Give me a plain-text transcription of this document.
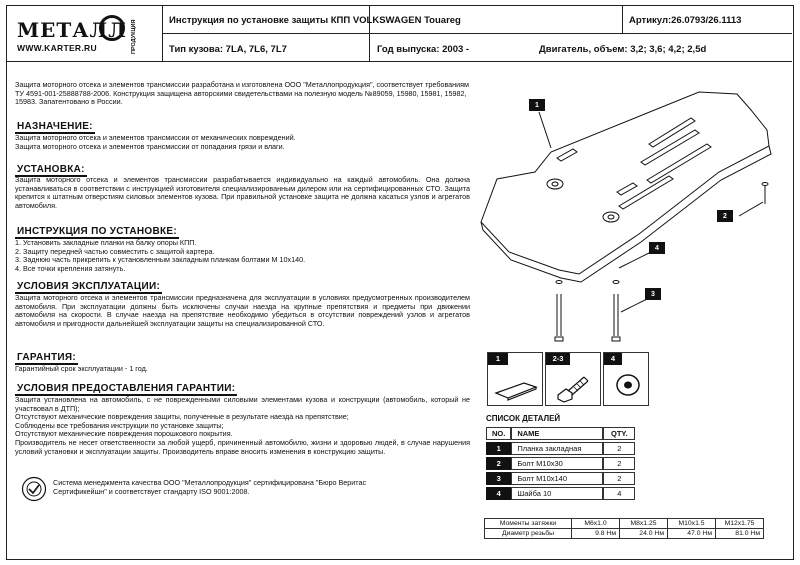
МЕТАЛЛ ПРОДУКЦИЯ
WWW.KARTER.RU
Инструкция по установке защиты КПП VOLKSWAGEN Touareg	Артикул:26.0793/26.1113
Тип кузова: 7LA, 7L6, 7L7	Год выпуска: 2003 -	Двигатель, объем: 3,2; 3,6; 4,2; 2,5d
Защита моторного отсека и элементов трансмиссии разработана и изготовлена ООО "Металлопродукция", соответствует требованиям ТУ 4591-001-25888788-2006. Конструкция защищена авторскими свидетельствами на полезную модель №89059, 15980, 15981, 15982, 15983. Запатентовано в России.
НАЗНАЧЕНИЕ:

Защита моторного отсека и элементов трансмиссии от механических повреждений.

Защита моторного отсека и элементов трансмиссии от попадания грязи и влаги.

УСТАНОВКА:
Защита моторного отсека и элементов трансмиссии разрабатывается индивидуально на каждый автомобиль. Она должна устанавливаться в соответствии с инструкцией изготовителя специализированным дилером или на сертифицированных СТО. Защита крепится к штатным отверстиям силовых элементов кузова. При правильной установке защита не должна касаться узлов и агрегатов автомобиля.
ИНСТРУКЦИЯ ПО УСТАНОВКЕ:

1. Установить закладные планки на балку опоры КПП.

2. Защиту передней частью совместить с защитой картера.

3. Заднюю часть прикрепить к установленным закладным планкам болтами М 10х140.

4. Все точки крепления затянуть.

УСЛОВИЯ ЭКСПЛУАТАЦИИ:
Защита моторного отсека и элементов трансмиссии предназначена для эксплуатации в условиях предусмотренных производителем автомобиля. При эксплуатации должны быть исключены случаи наезда на крупные препятствия и предметы при движении автомобиля на скорости. В случае наезда на препятствие необходимо убедиться в отсутствии повреждений узлов и агрегатов автомобиля и пригодности дальнейшей эксплуатации защиты на специализированной СТО.
ГАРАНТИЯ:
Гарантийный срок эксплуатации - 1 год.
УСЛОВИЯ ПРЕДОСТАВЛЕНИЯ ГАРАНТИИ:

Защита установлена на автомобиль, с не поврежденными силовыми элементами кузова и конструкции (автомобиль, который не участвовал в ДТП);

Отсутствуют механические повреждения защиты, полученные в результате наезда на препятствие;

Соблюдены все требования инструкции по установке защиты;

Отсутствуют механические повреждения порошкового покрытия.

Производитель не несет ответственности за любой ущерб, причиненный автомобилю, жизни и здоровью людей, в случае нарушения условий установки и эксплуатации защиты. Производитель вправе вносить изменения в конструкцию защиты.

Система менеджмента качества ООО "Металлопродукция" сертифицирована "Бюро Веритас
Сертификейшн" и соответствует стандарту ISO 9001:2008.
1
2
4
3
1	2-3	4
СПИСОК ДЕТАЛЕЙ
NO.	NAME	QTY.
1	Планка закладная	2
2	Болт М10х30	2
3	Болт М10х140	2
4	Шайба 10	4
Моменты затяжки	M6x1.0	M8x1.25	M10x1.5	M12x1.75
Диаметр резьбы	9.8 Нм	24.0 Нм	47.0 Нм	81.0 Нм
